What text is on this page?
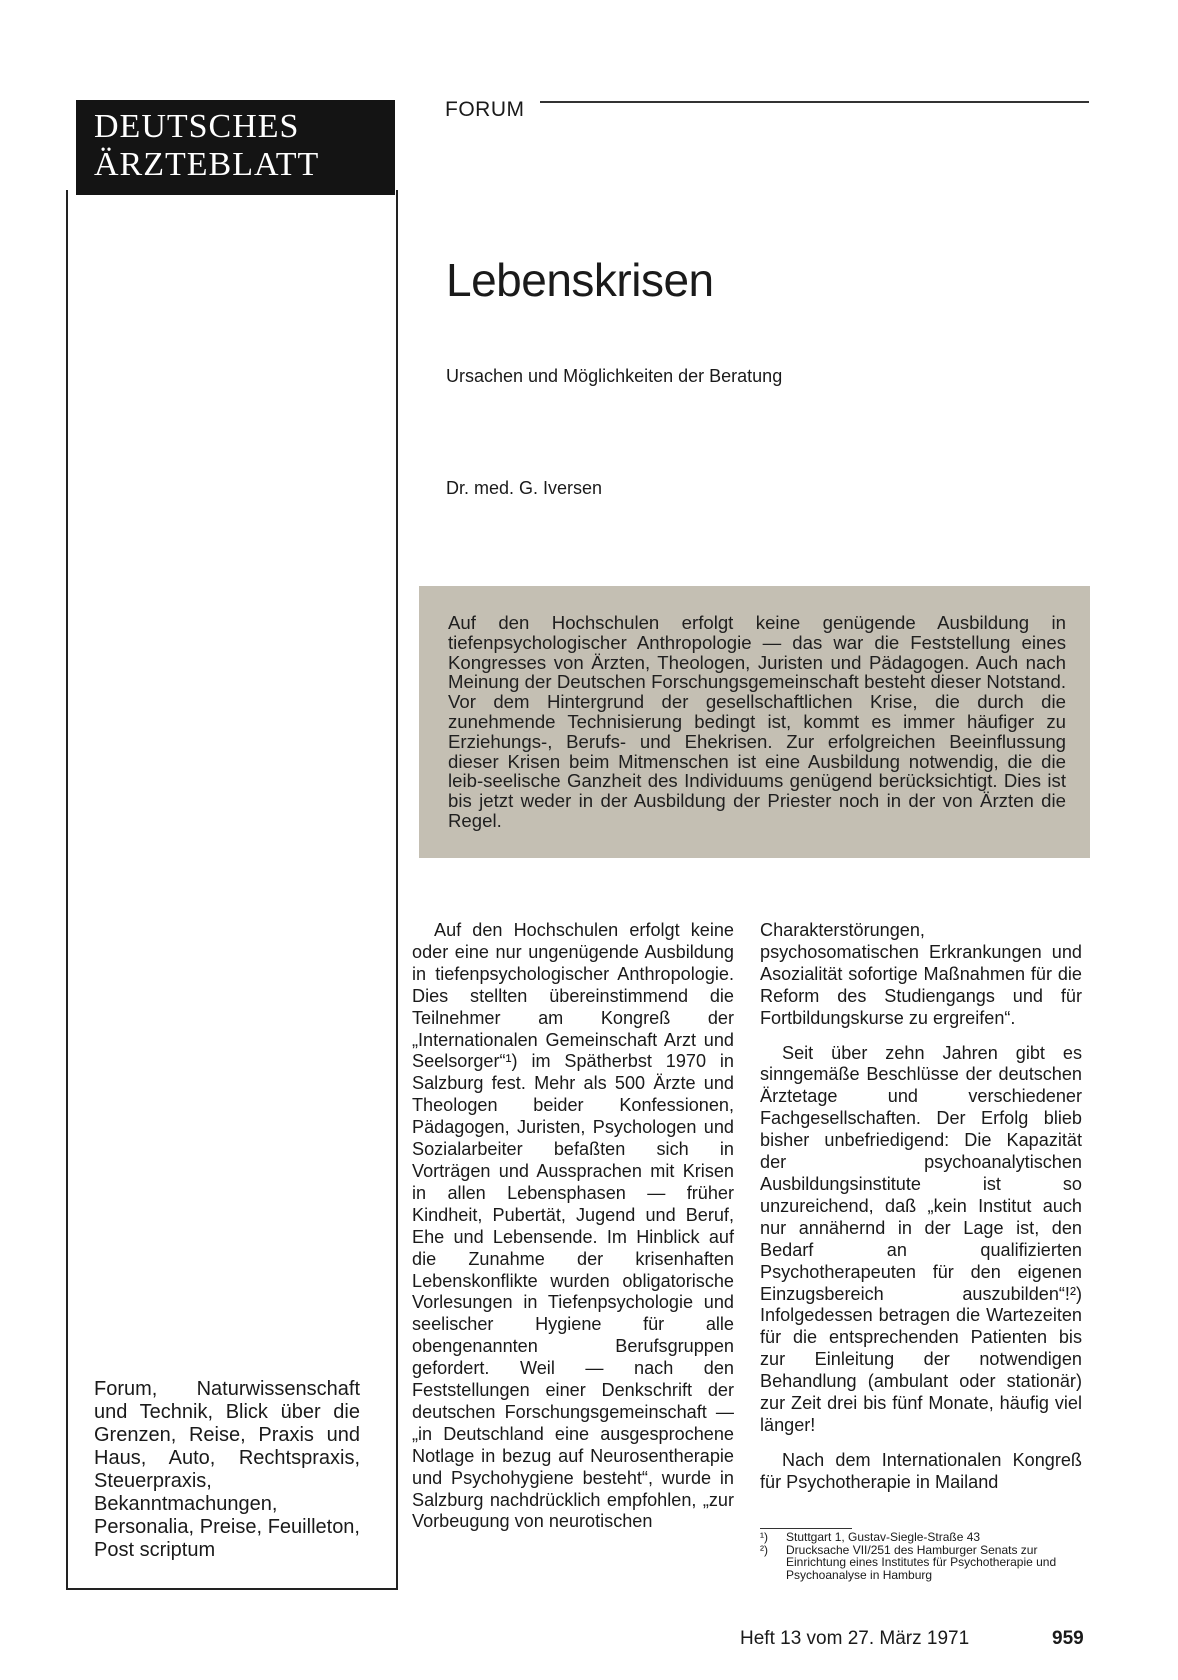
DEUTSCHES
ÄRZTEBLATT
Forum, Naturwissenschaft und Technik, Blick über die Grenzen, Reise, Praxis und Haus, Auto, Rechtspraxis, Steuerpraxis, Bekanntmachungen, Personalia, Preise, Feuilleton, Post scriptum
FORUM
Lebenskrisen
Ursachen und Möglichkeiten der Beratung
Dr. med. G. Iversen
Auf den Hochschulen erfolgt keine genügende Ausbildung in tiefenpsychologischer Anthropologie — das war die Feststellung eines Kongresses von Ärzten, Theologen, Juristen und Pädagogen. Auch nach Meinung der Deutschen Forschungsgemeinschaft besteht dieser Notstand. Vor dem Hintergrund der gesellschaftlichen Krise, die durch die zunehmende Technisierung bedingt ist, kommt es immer häufiger zu Erziehungs-, Berufs- und Ehekrisen. Zur erfolgreichen Beeinflussung dieser Krisen beim Mitmenschen ist eine Ausbildung notwendig, die die leib-seelische Ganzheit des Individuums genügend berücksichtigt. Dies ist bis jetzt weder in der Ausbildung der Priester noch in der von Ärzten die Regel.

Auf den Hochschulen erfolgt keine oder eine nur ungenügende Ausbildung in tiefenpsychologischer Anthropologie. Dies stellten übereinstimmend die Teilnehmer am Kongreß der „Internationalen Gemeinschaft Arzt und Seelsorger“¹) im Spätherbst 1970 in Salzburg fest. Mehr als 500 Ärzte und Theologen beider Konfessionen, Pädagogen, Juristen, Psychologen und Sozialarbeiter befaßten sich in Vorträgen und Aussprachen mit Krisen in allen Lebensphasen — früher Kindheit, Pubertät, Jugend und Beruf, Ehe und Lebensende. Im Hinblick auf die Zunahme der krisenhaften Lebenskonflikte wurden obligatorische Vorlesungen in Tiefenpsychologie und seelischer Hygiene für alle obengenannten Berufsgruppen gefordert. Weil — nach den Feststellungen einer Denkschrift der deutschen Forschungsgemeinschaft — „in Deutschland eine ausgesprochene Notlage in bezug auf Neurosentherapie und Psychohygiene besteht“, wurde in Salzburg nachdrücklich empfohlen, „zur Vorbeugung von neurotischen

Charakterstörungen, psychosomatischen Erkrankungen und Asozialität sofortige Maßnahmen für die Reform des Studiengangs und für Fortbildungskurse zu ergreifen“.

Seit über zehn Jahren gibt es sinngemäße Beschlüsse der deutschen Ärztetage und verschiedener Fachgesellschaften. Der Erfolg blieb bisher unbefriedigend: Die Kapazität der psychoanalytischen Ausbildungsinstitute ist so unzureichend, daß „kein Institut auch nur annähernd in der Lage ist, den Bedarf an qualifizierten Psychotherapeuten für den eigenen Einzugsbereich auszubilden“!²) Infolgedessen betragen die Wartezeiten für die entsprechenden Patienten bis zur Einleitung der notwendigen Behandlung (ambulant oder stationär) zur Zeit drei bis fünf Monate, häufig viel länger!

Nach dem Internationalen Kongreß für Psychotherapie in Mailand

¹)	Stuttgart 1, Gustav-Siegle-Straße 43
²)	Drucksache VII/251 des Hamburger Senats zur Einrichtung eines Institutes für Psychotherapie und Psychoanalyse in Hamburg
Heft 13 vom 27. März 1971	959
